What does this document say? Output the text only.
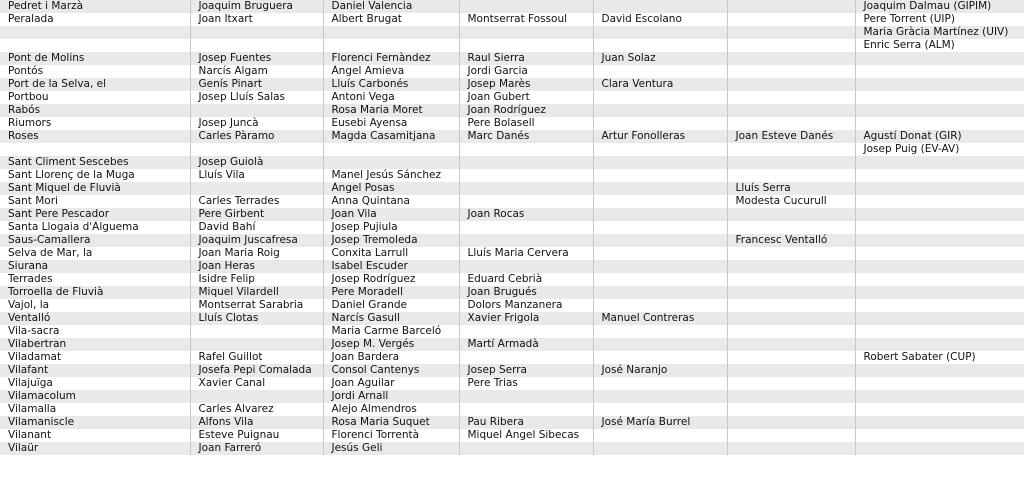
Pedret i Marzà	Joaquim Bruguera	Daniel Valencia				Joaquim Dalmau (GIPIM)
Peralada	Joan Itxart	Albert Brugat	Montserrat Fossoul	David Escolano		Pere Torrent (UIP)
						Maria Gràcia Martínez (UIV)
						Enric Serra (ALM)
Pont de Molins	Josep Fuentes	Florenci Fernàndez	Raul Sierra	Juan Solaz		
Pontós	Narcís Algam	Àngel Amieva	Jordi Garcia			
Port de la Selva, el	Genís Pinart	Lluís Carbonés	Josep Marès	Clara Ventura		
Portbou	Josep Lluís Salas	Antoni Vega	Joan Gubert			
Rabós		Rosa Maria Moret	Joan Rodríguez			
Riumors	Josep Juncà	Eusebi Ayensa	Pere Bolasell			
Roses	Carles Pàramo	Magda Casamitjana	Marc Danés	Artur Fonolleras	Joan Esteve Danés	Agustí Donat (GIR)
						Josep Puig (EV-AV)
Sant Climent Sescebes	Josep Guiolà					
Sant Llorenç de la Muga	Lluís Vila	Manel Jesús Sánchez				
Sant Miquel de Fluvià		Àngel Posas			Lluís Serra	
Sant Mori	Carles Terrades	Anna Quintana			Modesta Cucurull	
Sant Pere Pescador	Pere Girbent	Joan Vila	Joan Rocas			
Santa Llogaia d'Àlguema	David Bahí	Josep Pujiula				
Saus-Camallera	Joaquim Juscafresa	Josep Tremoleda			Francesc Ventalló	
Selva de Mar, la	Joan Maria Roig	Conxita Larrull	Lluís Maria Cervera			
Siurana	Joan Heras	Isabel Escuder				
Terrades	Isidre Felip	Josep Rodríguez	Eduard Cebrià			
Torroella de Fluvià	Miquel Vilardell	Pere Moradell	Joan Brugués			
Vajol, la	Montserrat Sarabria	Daniel Grande	Dolors Manzanera			
Ventalló	Lluís Clotas	Narcís Gasull	Xavier Frigola	Manuel Contreras		
Vila-sacra		Maria Carme Barceló				
Vilabertran		Josep M. Vergés	Martí Armadà			
Viladamat	Rafel Guillot	Joan Bardera				Robert Sabater (CUP)
Vilafant	Josefa Pepi Comalada	Consol Cantenys	Josep Serra	José Naranjo		
Vilajuïga	Xavier Canal	Joan Aguilar	Pere Trias			
Vilamacolum		Jordi Arnall				
Vilamalla	Carles Álvarez	Alejo Almendros				
Vilamaniscle	Alfons Vila	Rosa Maria Suquet	Pau Ribera	José María Burrel		
Vilanant	Esteve Puignau	Florenci Torrentà	Miquel Àngel Sibecas			
Vilaür	Joan Farreró	Jesús Geli				
